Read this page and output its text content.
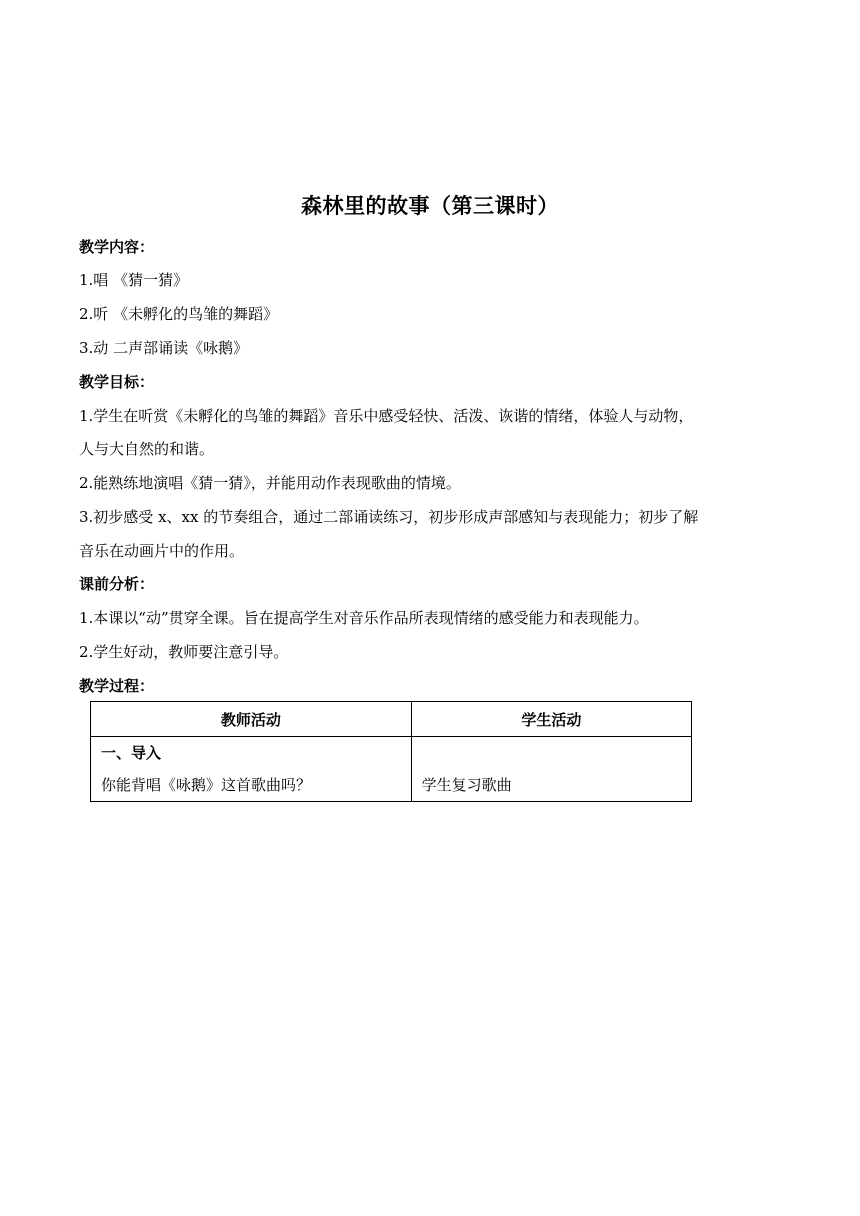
森林里的故事（第三课时）
教学内容：
1.唱 《猜一猜》
2.听 《未孵化的鸟雏的舞蹈》
3.动 二声部诵读《咏鹅》
教学目标：
1.学生在听赏《未孵化的鸟雏的舞蹈》音乐中感受轻快、活泼、诙谐的情绪，体验人与动物，
人与大自然的和谐。
2.能熟练地演唱《猜一猜》，并能用动作表现歌曲的情境。
3.初步感受 x、xx 的节奏组合，通过二部诵读练习，初步形成声部感知与表现能力；初步了解
音乐在动画片中的作用。
课前分析：
1.本课以“动”贯穿全课。旨在提高学生对音乐作品所表现情绪的感受能力和表现能力。
2.学生好动，教师要注意引导。
教学过程：
教师活动	学生活动

一、导入
你能背唱《咏鹅》这首歌曲吗？	学生复习歌曲
